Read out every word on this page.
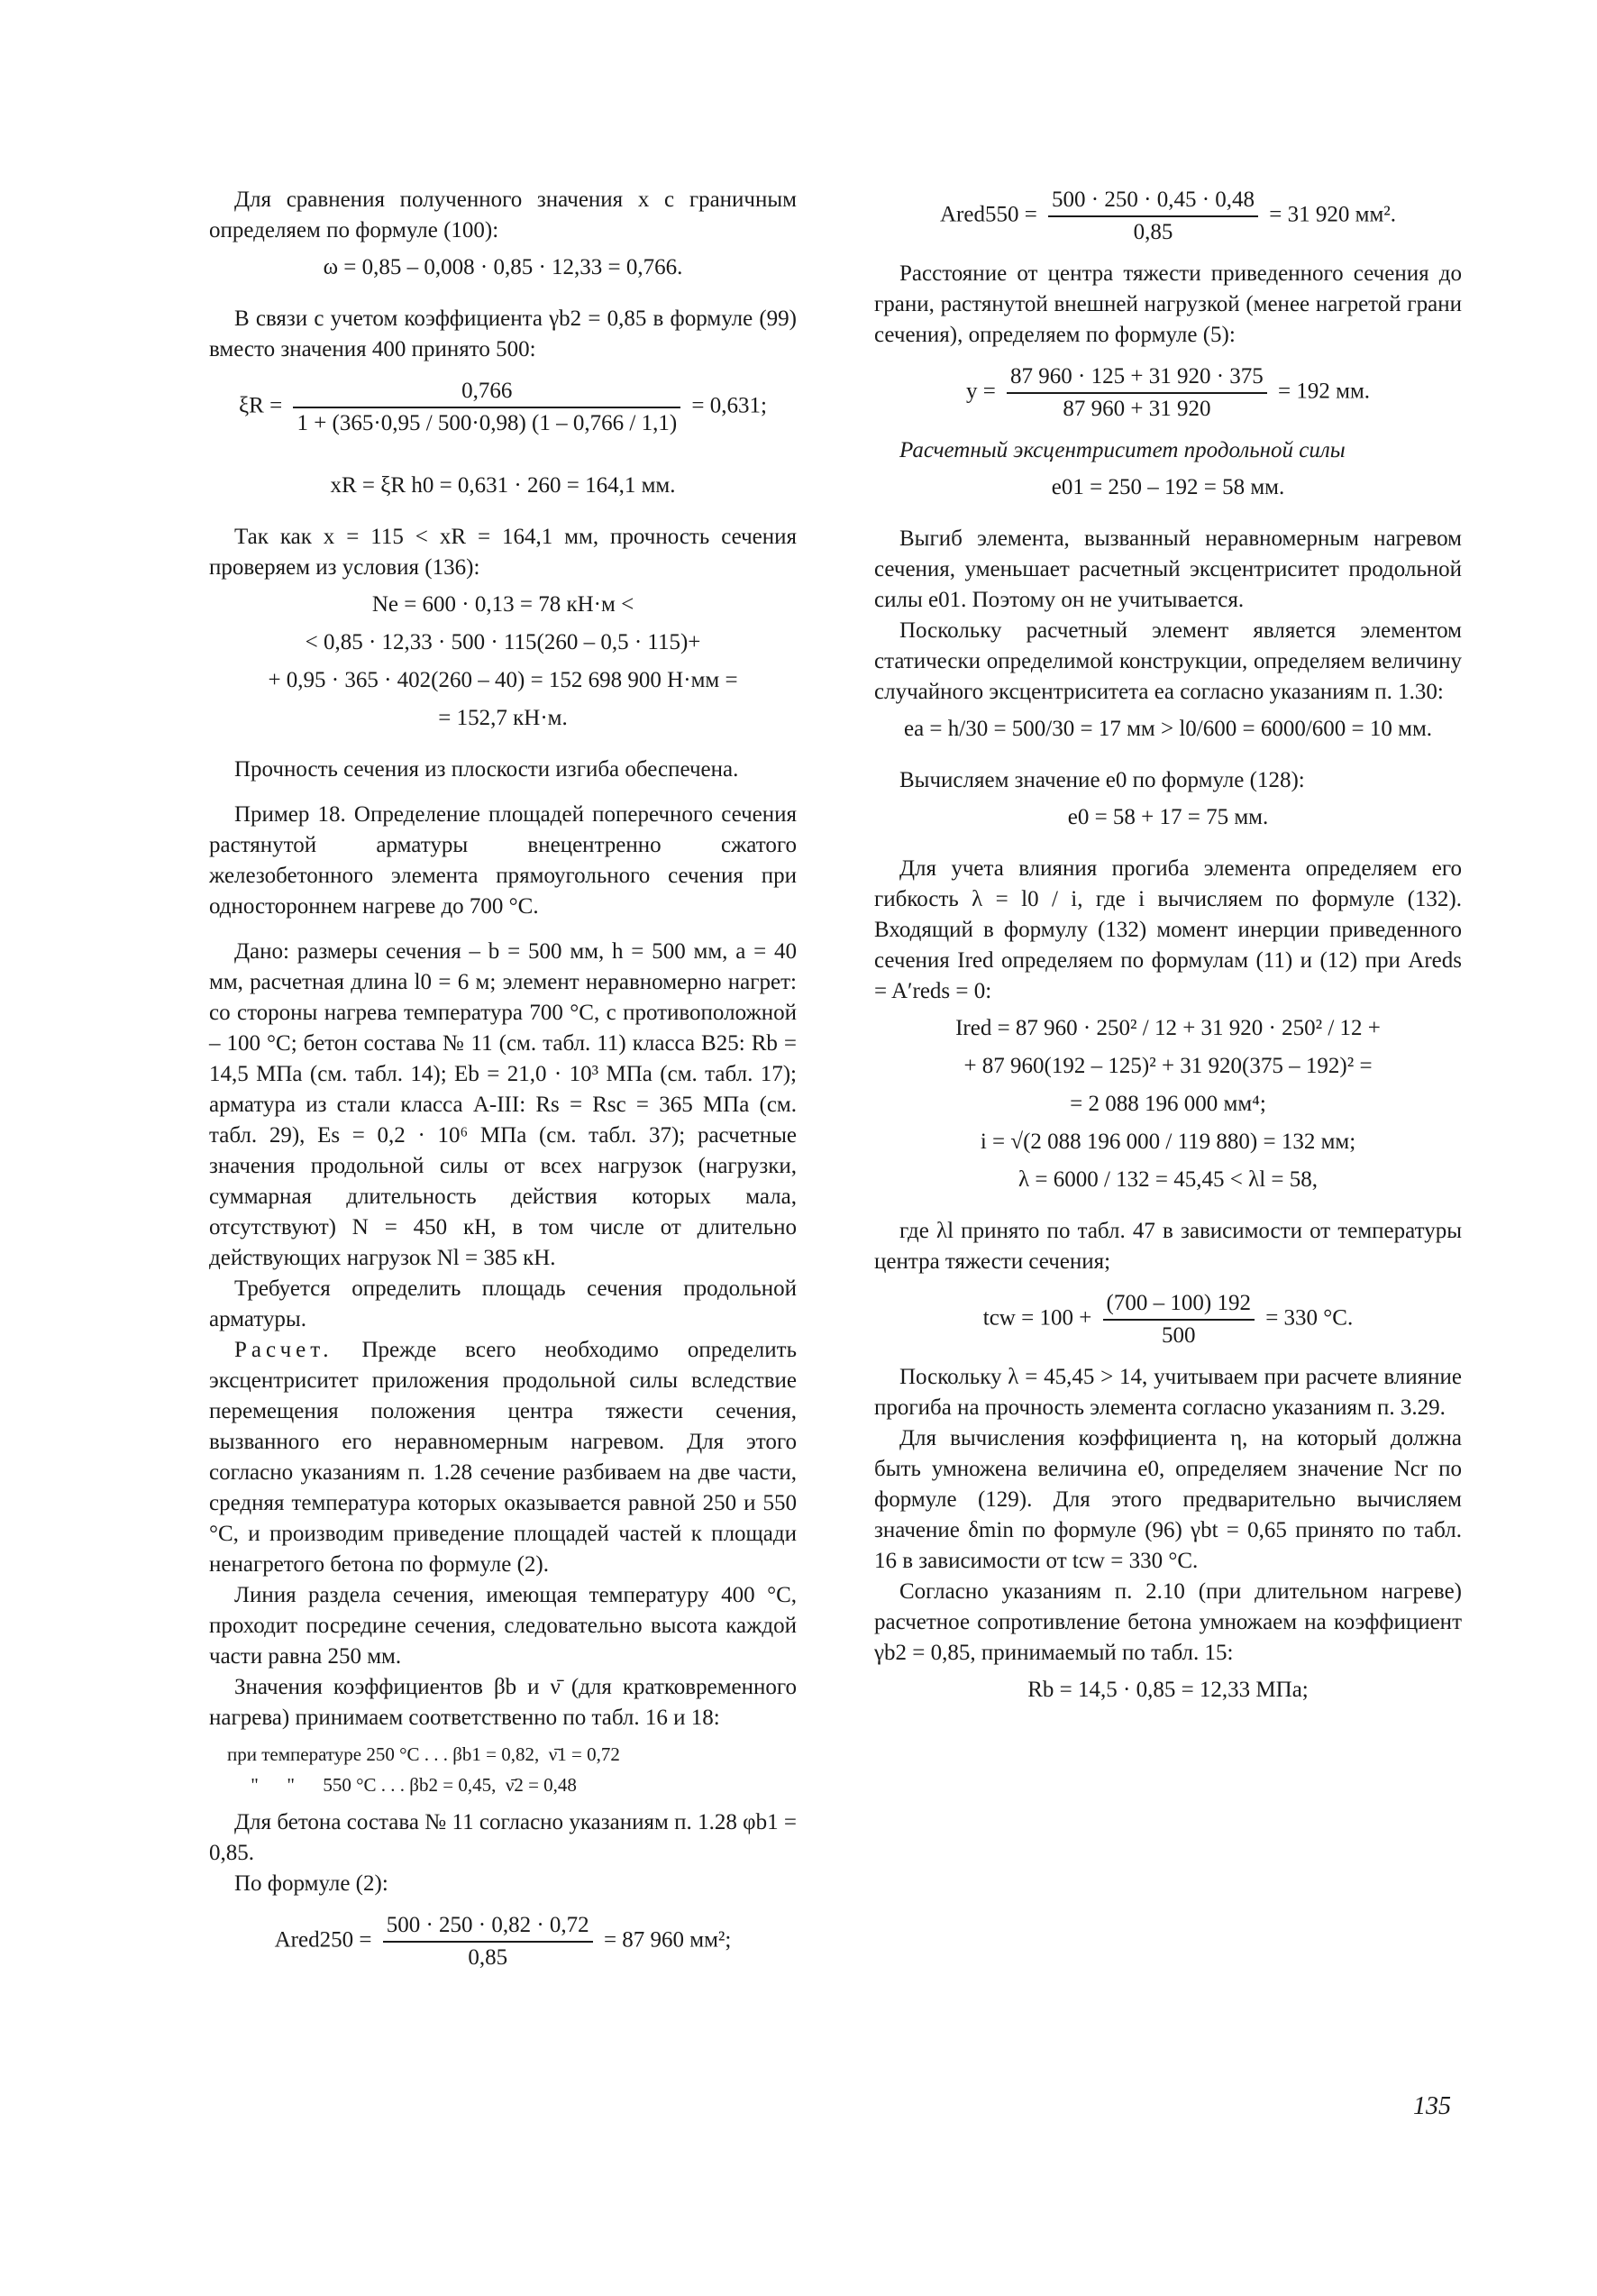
Для сравнения полученного значения x с граничным определяем по формуле (100):

ω = 0,85 – 0,008 · 0,85 · 12,33 = 0,766.

В связи с учетом коэффициента γb2 = 0,85 в формуле (99) вместо значения 400 принято 500:

$\xi R = \frac{0,766}{1 + (365\cdot 0,95 / 500\cdot 0,98) (1 - 0,766 / 1,1)} = 0,631$;
xR = ξR h0 = 0,631 · 260 = 164,1 мм.

Так как x = 115 < xR = 164,1 мм, прочность сечения проверяем из условия (136):

Ne = 600 · 0,13 = 78 кН·м <
< 0,85 · 12,33 · 500 · 115(260 – 0,5 · 115)+
+ 0,95 · 365 · 402(260 – 40) = 152 698 900 Н·мм =
= 152,7 кН·м.

Прочность сечения из плоскости изгиба обеспечена.

Пример 18. Определение площадей поперечного сечения растянутой арматуры внецентренно сжатого железобетонного элемента прямоугольного сечения при одностороннем нагреве до 700 °С.

Дано: размеры сечения – b = 500 мм, h = 500 мм, a = 40 мм, расчетная длина l0 = 6 м; элемент неравномерно нагрет: со стороны нагрева температура 700 °С, с противоположной – 100 °С; бетон состава № 11 (см. табл. 11) класса В25: Rb = 14,5 МПа (см. табл. 14); Eb = 21,0 · 10³ МПа (см. табл. 17); арматура из стали класса А-III: Rs = Rsc = 365 МПа (см. табл. 29), Es = 0,2 · 10⁶ МПа (см. табл. 37); расчетные значения продольной силы от всех нагрузок (нагрузки, суммарная длительность действия которых мала, отсутствуют) N = 450 кН, в том числе от длительно действующих нагрузок Nl = 385 кН.

Требуется определить площадь сечения продольной арматуры.

Расчет. Прежде всего необходимо определить эксцентриситет приложения продольной силы вследствие перемещения положения центра тяжести сечения, вызванного его неравномерным нагревом. Для этого согласно указаниям п. 1.28 сечение разбиваем на две части, средняя температура которых оказывается равной 250 и 550 °С, и производим приведение площадей частей к площади ненагретого бетона по формуле (2).

Линия раздела сечения, имеющая температуру 400 °С, проходит посредине сечения, следовательно высота каждой части равна 250 мм.

Значения коэффициентов βb и ν̄ (для кратковременного нагрева) принимаем соответственно по табл. 16 и 18:

при температуре 250 °С . . . βb1 = 0,82,  ν̄1 = 0,72
"      "      550 °С . . . βb2 = 0,45,  ν̄2 = 0,48

Для бетона состава № 11 согласно указаниям п. 1.28 φb1 = 0,85.

По формуле (2):

Ared250 = $\frac{500 \cdot 250 \cdot 0,82 \cdot 0,72}{0,85} = 87$ 960 мм²;
Ared550 = $\frac{500 \cdot 250 \cdot 0,45 \cdot 0,48}{0,85} = 31$ 920 мм².

Расстояние от центра тяжести приведенного сечения до грани, растянутой внешней нагрузкой (менее нагретой грани сечения), определяем по формуле (5):

$y = \frac{87 960 \cdot 125 + 31 920 \cdot 375}{87 960 + 31 920} = 192$ мм.

Расчетный эксцентриситет продольной силы

e01 = 250 – 192 = 58 мм.

Выгиб элемента, вызванный неравномерным нагревом сечения, уменьшает расчетный эксцентриситет продольной силы e01. Поэтому он не учитывается.

Поскольку расчетный элемент является элементом статически определимой конструкции, определяем величину случайного эксцентриситета ea согласно указаниям п. 1.30:

ea = h/30 = 500/30 = 17 мм > l0/600 = 6000/600 = 10 мм.

Вычисляем значение e0 по формуле (128):

e0 = 58 + 17 = 75 мм.

Для учета влияния прогиба элемента определяем его гибкость λ = l0 / i, где i вычисляем по формуле (132). Входящий в формулу (132) момент инерции приведенного сечения Ired определяем по формулам (11) и (12) при Areds = A′reds = 0:

Ired = 87 960 · 250² / 12 + 31 920 · 250² / 12 +
+ 87 960(192 – 125)² + 31 920(375 – 192)² =
= 2 088 196 000 мм⁴;
i = √(2 088 196 000 / 119 880) = 132 мм;
λ = 6000 / 132 = 45,45 < λl = 58,

где λl принято по табл. 47 в зависимости от температуры центра тяжести сечения;

tcw = $100 + \frac{(700 - 100) 192}{500} = 330$ °С.

Поскольку λ = 45,45 > 14, учитываем при расчете влияние прогиба на прочность элемента согласно указаниям п. 3.29.

Для вычисления коэффициента η, на который должна быть умножена величина e0, определяем значение Ncr по формуле (129). Для этого предварительно вычисляем значение δmin по формуле (96) γbt = 0,65 принято по табл. 16 в зависимости от tcw = 330 °С.

Согласно указаниям п. 2.10 (при длительном нагреве) расчетное сопротивление бетона умножаем на коэффициент γb2 = 0,85, принимаемый по табл. 15:

Rb = 14,5 · 0,85 = 12,33 МПа;
135
